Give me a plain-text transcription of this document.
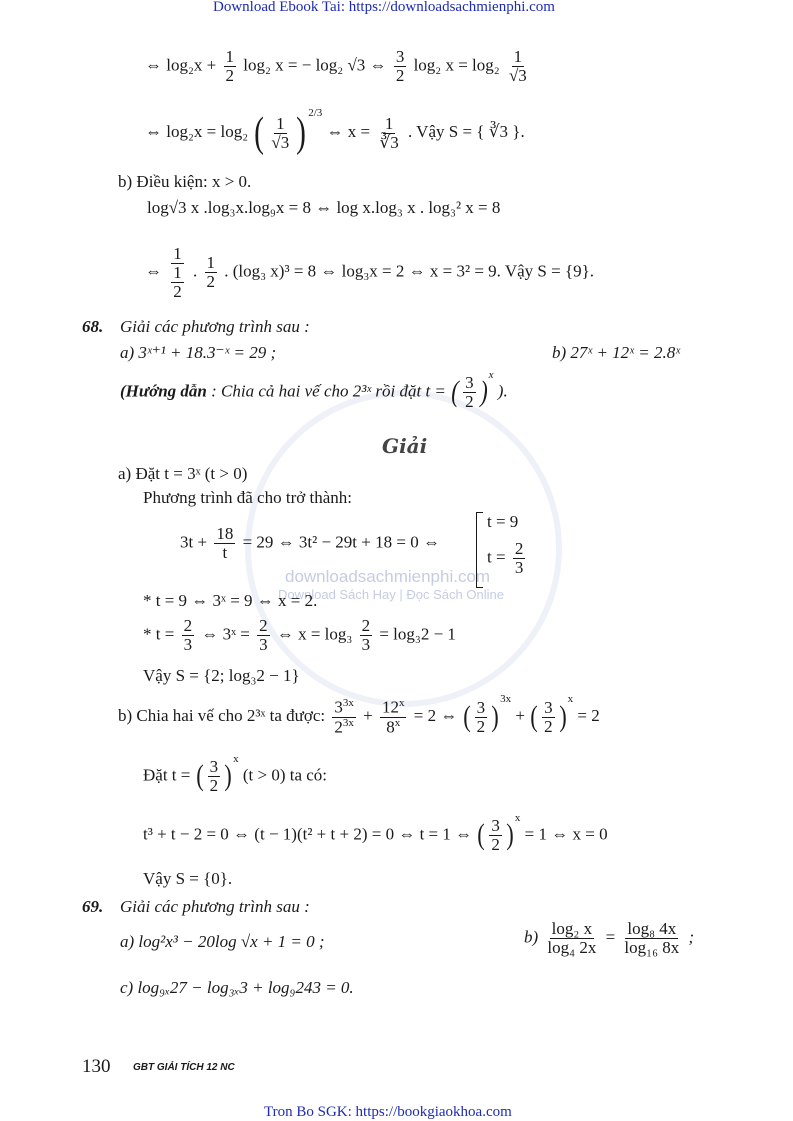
downloadsachmienphi.com
Download Sách Hay | Đọc Sách Online
Download Ebook Tai: https://downloadsachmienphi.com
⇔ $\log_2x + \frac{1}{2} \log_2$ x = − log₂ √3 ⇔ $\frac{3}{2} \log_2$ $x = \log_2 \frac{1}{√3}$
⇔ log₂x = log₂ ( $\frac{1}{√3}$ ) $^{2/3}$ ⇔ $x = \frac{1}{∛3}$ . Vậy S = { ∛3 }.
b) Điều kiện: x > 0.
log√3 x .log₃x.log₉x = 8 ⇔ log x.log₃ x . log₃² x = 8
⇔ $\frac{1}{\frac{1}{2}}$ . $\frac{1}{2}$ . (log₃ x)³ = 8 ⇔ log₃x = 2 ⇔ x = 3² = 9. Vậy S = {9}.
68. Giải các phương trình sau :
a) 3ˣ⁺¹ + 18.3⁻ˣ = 29 ;	b) 27ˣ + 12ˣ = 2.8ˣ
(Hướng dẫn : Chia cả hai vế cho 2³ˣ rồi đặt t = ( $\frac{3}{2} )^x$ ).
Giải
a) Đặt t = 3ˣ (t > 0)
Phương trình đã cho trở thành:
$3t + \frac{18}{t} = 29$ ⇔ 3t² − 29t + 18 = 0 ⇔
t = 9
$t = \frac{2}{3}$
* t = 9 ⇔ 3ˣ = 9 ⇔ x = 2.
* $t = \frac{2}{3}$ ⇔ 3ˣ = $\frac{2}{3}$ ⇔ $x = \log_3 \frac{2}{3} = \log_32 - 1$
Vậy S = {2; log₃2 − 1}
b) Chia hai vế cho 2³ˣ ta được: $\frac{3^{3x}}{2^{3x}} + \frac{12^x}{8^x} = 2$ ⇔ ( $\frac{3}{2} )^{3x}$ + ( $\frac{3}{2} )^x = 2$
Đặt t = ( $\frac{3}{2} )^x$ (t > 0) ta có:
t³ + t − 2 = 0 ⇔ (t − 1)(t² + t + 2) = 0 ⇔ t = 1 ⇔ ( $\frac{3}{2} )^x = 1$ ⇔ x = 0
Vậy S = {0}.
69. Giải các phương trình sau :
a) log²x³ − 20log √x + 1 = 0 ;	$b) \frac{\text{log₂ x}}{\text{log₄ 2x}} = \frac{\text{log₈ 4x}}{\text{log₁₆ 8x}}$ ;
c) log₉ₓ27 − log₃ₓ3 + log₉243 = 0.
130 GBT GIẢI TÍCH 12 NC
Tron Bo SGK: https://bookgiaokhoa.com
